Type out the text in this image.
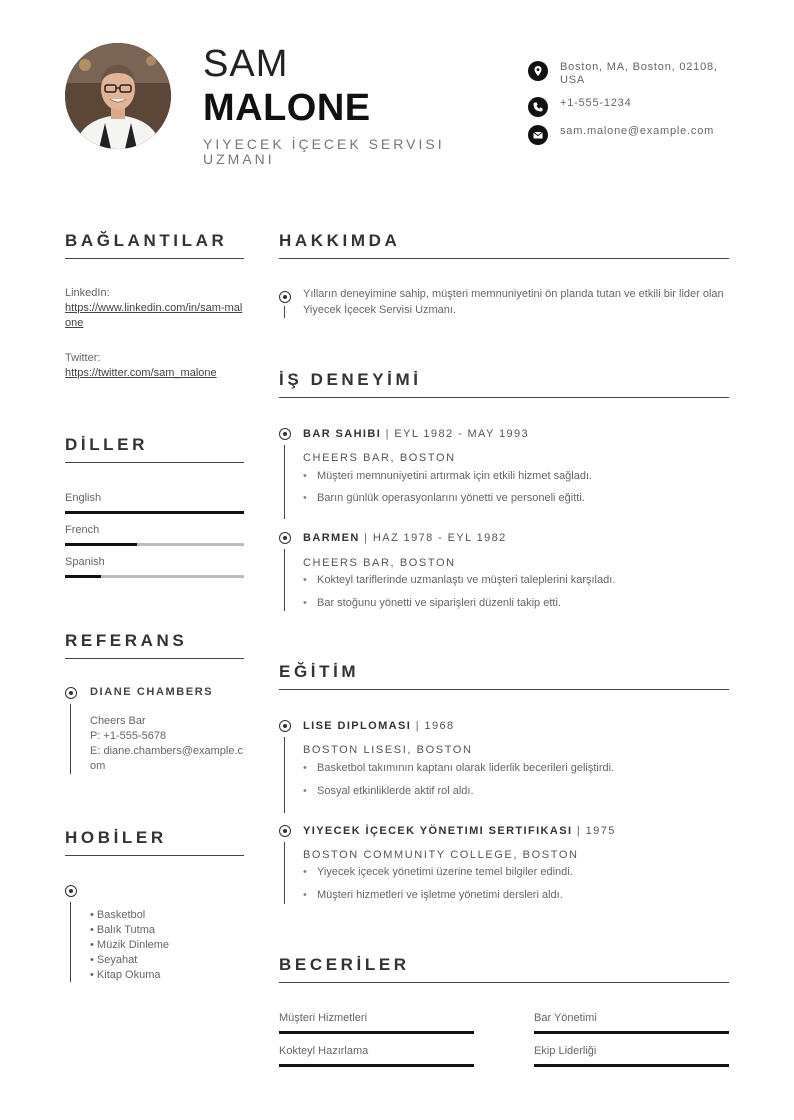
SAM
MALONE
YIYECEK İÇECEK SERVISI UZMANI
Boston, MA, Boston, 02108, USA
+1-555-1234
sam.malone@example.com
BAĞLANTILAR
LinkedIn:
https://www.linkedin.com/in/sam-malone
Twitter:
https://twitter.com/sam_malone
DİLLER
English
French
Spanish
REFERANS
DIANE CHAMBERS
Cheers Bar
P: +1-555-5678
E: diane.chambers@example.com
HOBİLER
• Basketbol
• Balık Tutma
• Müzik Dinleme
• Seyahat
• Kitap Okuma
HAKKIMDA
Yılların deneyimine sahip, müşteri memnuniyetini ön planda tutan ve etkili bir lider olan Yiyecek İçecek Servisi Uzmanı.
İŞ DENEYİMİ
BAR SAHIBI | EYL 1982 - MAY 1993
CHEERS BAR, BOSTON
• Müşteri memnuniyetini artırmak için etkili hizmet sağladı.
• Barın günlük operasyonlarını yönetti ve personeli eğitti.
BARMEN | HAZ 1978 - EYL 1982
CHEERS BAR, BOSTON
• Kokteyl tariflerinde uzmanlaştı ve müşteri taleplerini karşıladı.
• Bar stoğunu yönetti ve siparişleri düzenli takip etti.
EĞİTİM
LISE DIPLOMASI | 1968
BOSTON LISESI, BOSTON
• Basketbol takımının kaptanı olarak liderlik becerileri geliştirdi.
• Sosyal etkinliklerde aktif rol aldı.
YIYECEK İÇECEK YÖNETIMI SERTIFIKASI | 1975
BOSTON COMMUNITY COLLEGE, BOSTON
• Yiyecek içecek yönetimi üzerine temel bilgiler edindi.
• Müşteri hizmetleri ve işletme yönetimi dersleri aldı.
BECERİLER
Müşteri Hizmetleri	Bar Yönetimi
Kokteyl Hazırlama	Ekip Liderliği
